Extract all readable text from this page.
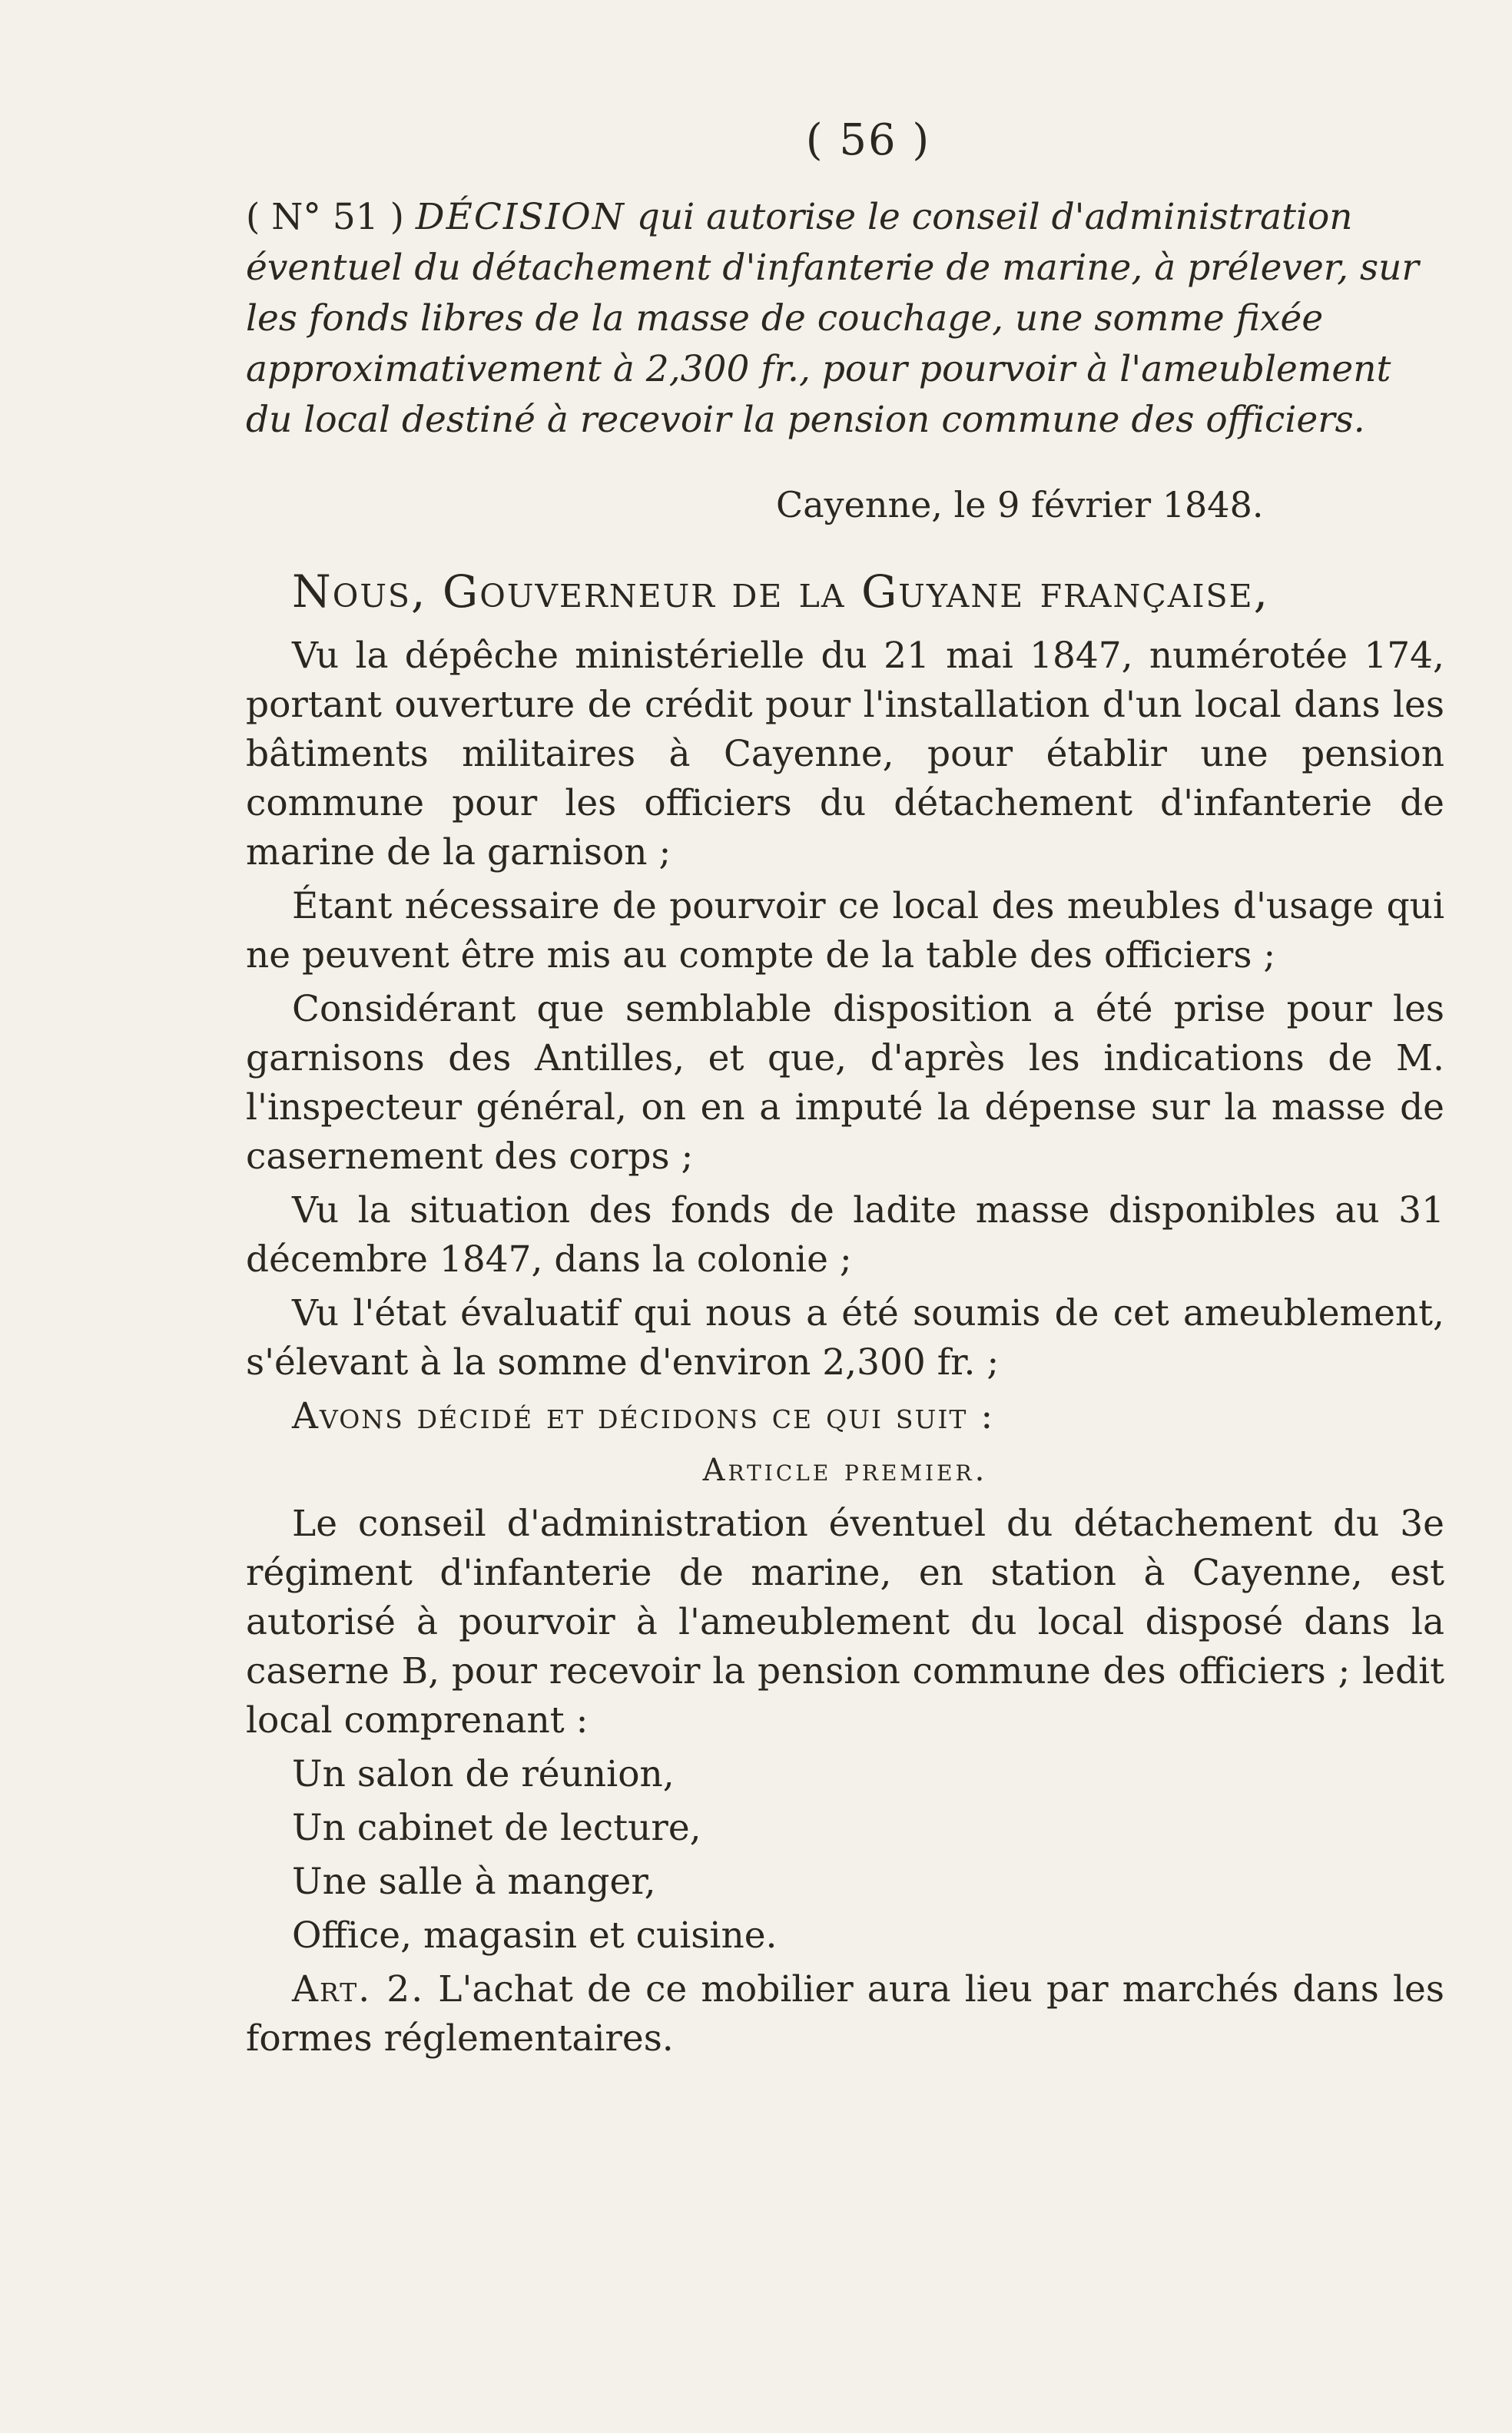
( 56 )
( N° 51 ) DÉCISION qui autorise le conseil d'administration éventuel du détachement d'infanterie de marine, à prélever, sur les fonds libres de la masse de couchage, une somme fixée approximativement à 2,300 fr., pour pourvoir à l'ameublement du local destiné à recevoir la pension commune des officiers.
Cayenne, le 9 février 1848.

Nous, Gouverneur de la Guyane française,

Vu la dépêche ministérielle du 21 mai 1847, numérotée 174, portant ouverture de crédit pour l'installation d'un local dans les bâtiments militaires à Cayenne, pour établir une pension commune pour les officiers du détachement d'infanterie de marine de la garnison ;

Étant nécessaire de pourvoir ce local des meubles d'usage qui ne peuvent être mis au compte de la table des officiers ;

Considérant que semblable disposition a été prise pour les garnisons des Antilles, et que, d'après les indications de M. l'inspecteur général, on en a imputé la dépense sur la masse de casernement des corps ;

Vu la situation des fonds de ladite masse disponibles au 31 décembre 1847, dans la colonie ;

Vu l'état évaluatif qui nous a été soumis de cet ameublement, s'élevant à la somme d'environ 2,300 fr. ;

Avons décidé et décidons ce qui suit :

Article premier.

Le conseil d'administration éventuel du détachement du 3e régiment d'infanterie de marine, en station à Cayenne, est autorisé à pourvoir à l'ameublement du local disposé dans la caserne B, pour recevoir la pension commune des officiers ; ledit local comprenant :

Un salon de réunion,

Un cabinet de lecture,

Une salle à manger,

Office, magasin et cuisine.

Art. 2. L'achat de ce mobilier aura lieu par marchés dans les formes réglementaires.
